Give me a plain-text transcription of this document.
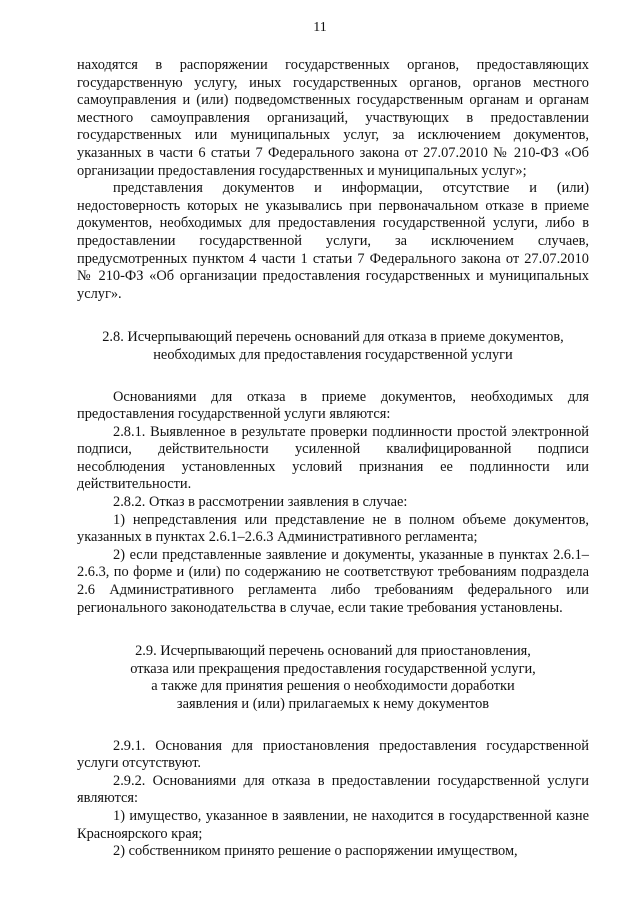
11

находятся в распоряжении государственных органов, предоставляющих государственную услугу, иных государственных органов, органов местного самоуправления и (или) подведомственных государственным органам и органам местного самоуправления организаций, участвующих в предоставлении государственных или муниципальных услуг, за исключением документов, указанных в части 6 статьи 7 Федерального закона от 27.07.2010 № 210-ФЗ «Об организации предоставления государственных и муниципальных услуг»;

представления документов и информации, отсутствие и (или) недостоверность которых не указывались при первоначальном отказе в приеме документов, необходимых для предоставления государственной услуги, либо в предоставлении государственной услуги, за исключением случаев, предусмотренных пунктом 4 части 1 статьи 7 Федерального закона от 27.07.2010 № 210-ФЗ «Об организации предоставления государственных и муниципальных услуг».

2.8. Исчерпывающий перечень оснований для отказа в приеме документов,

необходимых для предоставления государственной услуги

Основаниями для отказа в приеме документов, необходимых для предоставления государственной услуги являются:

2.8.1. Выявленное в результате проверки подлинности простой электронной подписи, действительности усиленной квалифицированной подписи несоблюдения установленных условий признания ее подлинности или действительности.

2.8.2. Отказ в рассмотрении заявления в случае:

1) непредставления или представление не в полном объеме документов, указанных в пунктах 2.6.1–2.6.3 Административного регламента;

2) если представленные заявление и документы, указанные в пунктах 2.6.1–2.6.3, по форме и (или) по содержанию не соответствуют требованиям подраздела 2.6 Административного регламента либо требованиям федерального или регионального законодательства в случае, если такие требования установлены.

2.9. Исчерпывающий перечень оснований для приостановления,

отказа или прекращения предоставления государственной услуги,

а также для принятия решения о необходимости доработки

заявления и (или) прилагаемых к нему документов

2.9.1. Основания для приостановления предоставления государственной услуги отсутствуют.

2.9.2. Основаниями для отказа в предоставлении государственной услуги являются:

1) имущество, указанное в заявлении, не находится в государственной казне Красноярского края;

2) собственником принято решение о распоряжении имуществом,
